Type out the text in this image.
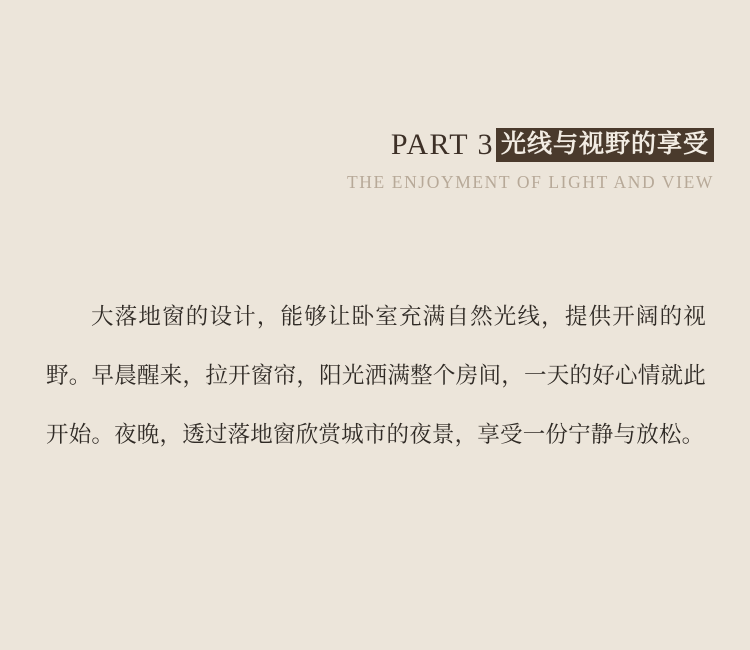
PART 3 光线与视野的享受
THE ENJOYMENT OF LIGHT AND VIEW

大落地窗的设计，能够让卧室充满自然光线，提供开阔的视野。早晨醒来，拉开窗帘，阳光洒满整个房间，一天的好心情就此开始。夜晚，透过落地窗欣赏城市的夜景，享受一份宁静与放松。
